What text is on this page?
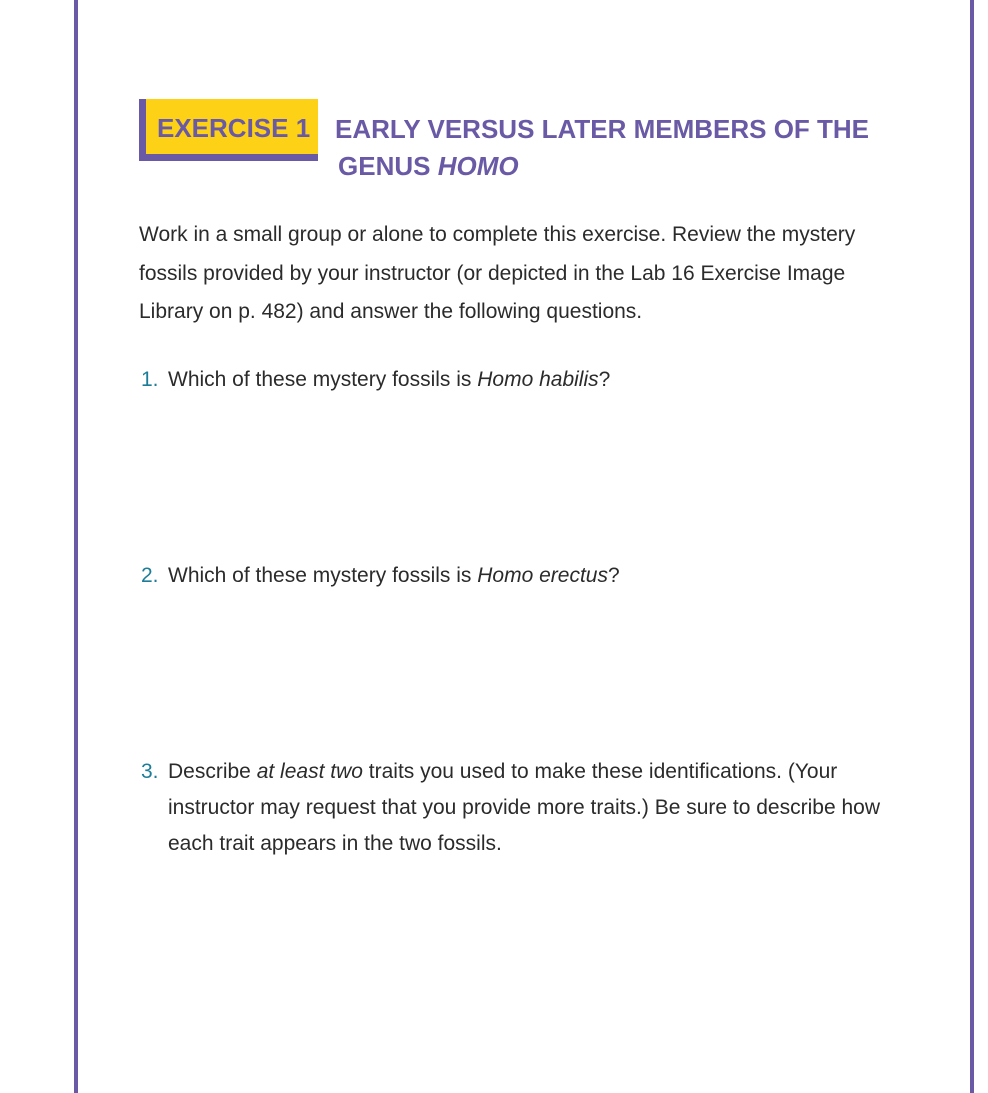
EXERCISE 1 EARLY VERSUS LATER MEMBERS OF THE
GENUS HOMO

Work in a small group or alone to complete this exercise. Review the mystery fossils provided by your instructor (or depicted in the Lab 16 Exercise Image Library on p. 482) and answer the following questions.

1. Which of these mystery fossils is Homo habilis?
2. Which of these mystery fossils is Homo erectus?
3. Describe at least two traits you used to make these identifications. (Your instructor may request that you provide more traits.) Be sure to describe how each trait appears in the two fossils.
